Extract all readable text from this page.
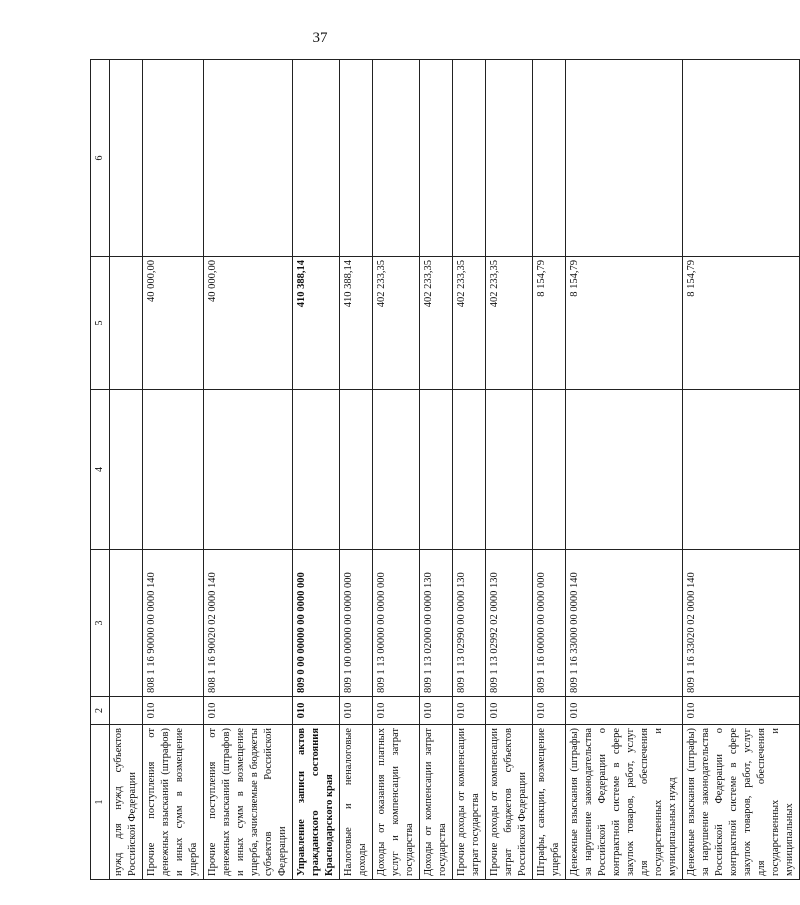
37
1	2	3	4	5	6
нужд для нужд субъектов Российской Федерации					
Прочие поступления от денежных взысканий (штрафов) и иных сумм в возмещение ущерба	010	808 1 16 90000 00 0000 140		40 000,00	
Прочие поступления от денежных взысканий (штрафов) и иных сумм в возмещение ущерба, зачисляемые в бюджеты субъектов Российской Федерации	010	808 1 16 90020 02 0000 140		40 000,00	
Управление записи актов гражданского состояния Краснодарского края	010	809 0 00 00000 00 0000 000		410 388,14	
Налоговые и неналоговые доходы	010	809 1 00 00000 00 0000 000		410 388,14	
Доходы от оказания платных услуг и компенсации затрат государства	010	809 1 13 00000 00 0000 000		402 233,35	
Доходы от компенсации затрат государства	010	809 1 13 02000 00 0000 130		402 233,35	
Прочие доходы от компенсации затрат государства	010	809 1 13 02990 00 0000 130		402 233,35	
Прочие доходы от компенсации затрат бюджетов субъектов Российской Федерации	010	809 1 13 02992 02 0000 130		402 233,35	
Штрафы, санкции, возмещение ущерба	010	809 1 16 00000 00 0000 000		8 154,79	
Денежные взыскания (штрафы) за нарушение законодательства Российской Федерации о контрактной системе в сфере закупок товаров, работ, услуг для обеспечения государственных и муниципальных нужд	010	809 1 16 33000 00 0000 140		8 154,79	
Денежные взыскания (штрафы) за нарушение законодательства Российской Федерации о контрактной системе в сфере закупок товаров, работ, услуг для обеспечения государственных и муниципальных	010	809 1 16 33020 02 0000 140		8 154,79	
